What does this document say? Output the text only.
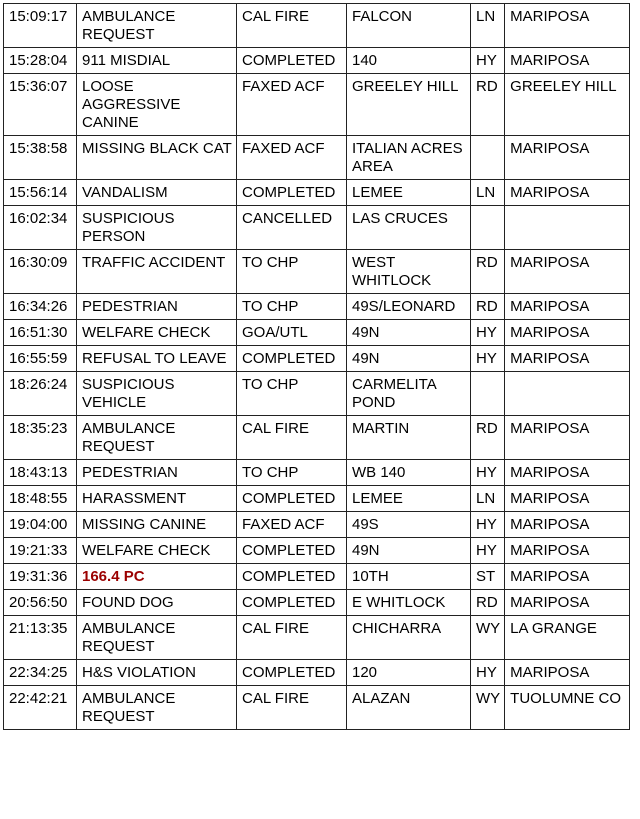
15:09:17	AMBULANCE REQUEST	CAL FIRE	FALCON	LN	MARIPOSA
15:28:04	911 MISDIAL	COMPLETED	140	HY	MARIPOSA
15:36:07	LOOSE AGGRESSIVE CANINE	FAXED ACF	GREELEY HILL	RD	GREELEY HILL
15:38:58	MISSING BLACK CAT	FAXED ACF	ITALIAN ACRES AREA		MARIPOSA
15:56:14	VANDALISM	COMPLETED	LEMEE	LN	MARIPOSA
16:02:34	SUSPICIOUS PERSON	CANCELLED	LAS CRUCES		
16:30:09	TRAFFIC ACCIDENT	TO CHP	WEST WHITLOCK	RD	MARIPOSA
16:34:26	PEDESTRIAN	TO CHP	49S/LEONARD	RD	MARIPOSA
16:51:30	WELFARE CHECK	GOA/UTL	49N	HY	MARIPOSA
16:55:59	REFUSAL TO LEAVE	COMPLETED	49N	HY	MARIPOSA
18:26:24	SUSPICIOUS VEHICLE	TO CHP	CARMELITA POND		
18:35:23	AMBULANCE REQUEST	CAL FIRE	MARTIN	RD	MARIPOSA
18:43:13	PEDESTRIAN	TO CHP	WB 140	HY	MARIPOSA
18:48:55	HARASSMENT	COMPLETED	LEMEE	LN	MARIPOSA
19:04:00	MISSING CANINE	FAXED ACF	49S	HY	MARIPOSA
19:21:33	WELFARE CHECK	COMPLETED	49N	HY	MARIPOSA
19:31:36	166.4 PC	COMPLETED	10TH	ST	MARIPOSA
20:56:50	FOUND DOG	COMPLETED	E WHITLOCK	RD	MARIPOSA
21:13:35	AMBULANCE REQUEST	CAL FIRE	CHICHARRA	WY	LA GRANGE
22:34:25	H&S VIOLATION	COMPLETED	120	HY	MARIPOSA
22:42:21	AMBULANCE REQUEST	CAL FIRE	ALAZAN	WY	TUOLUMNE CO
